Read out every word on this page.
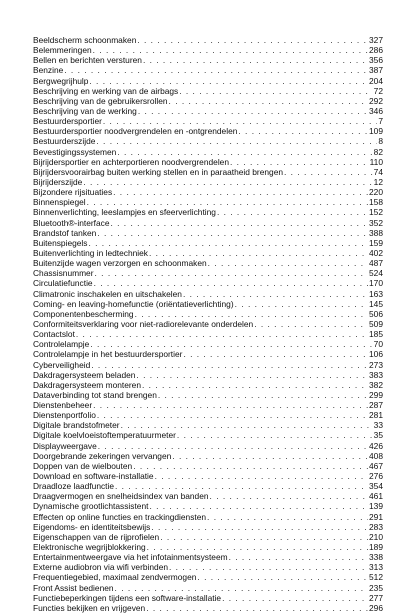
Beeldscherm schoonmaken . . .	327
Belemmeringen . . .	286
Bellen en berichten versturen . . .	356
Benzine . . .	387
Bergwegrijhulp . . .	204
Beschrijving en werking van de airbags . . .	72
Beschrijving van de gebruikersrollen . . .	292
Beschrijving van de werking . . .	346
Bestuurdersportier . . .	7
Bestuurdersportier noodvergrendelen en -ontgrendelen . . .	109
Bestuurderszijde . . .	8
Bevestigingssystemen . . .	82
Bijrijdersportier en achterportieren noodvergrendelen . . .	110
Bijrijdersvoorairbag buiten werking stellen en in paraatheid brengen . . .	74
Bijrijderszijde . . .	12
Bijzondere rijsituaties . . .	220
Binnenspiegel . . .	158
Binnenverlichting, leeslampjes en sfeerverlichting . . .	152
Bluetooth®-interface . . .	352
Brandstof tanken . . .	388
Buitenspiegels . . .	159
Buitenverlichting in ledtechniek . . .	402
Buitenzijde wagen verzorgen en schoonmaken . . .	487
Chassisnummer . . .	524
Circulatiefunctie . . .	170
Climatronic inschakelen en uitschakelen . . .	163
Coming- en leaving-homefunctie (oriëntatieverlichting) . . .	145
Componentenbescherming . . .	506
Conformiteitsverklaring voor niet-radiorelevante onderdelen . . .	509
Contactslot . . .	185
Controlelampje . . .	70
Controlelampje in het bestuurdersportier . . .	106
Cyberveiligheid . . .	273
Dakdragersysteem beladen . . .	383
Dakdragersysteem monteren . . .	382
Dataverbinding tot stand brengen . . .	299
Dienstenbeheer . . .	287
Dienstenportfolio . . .	281
Digitale brandstofmeter . . .	33
Digitale koelvloeistoftemperatuurmeter . . .	35
Displayweergave . . .	426
Doorgebrande zekeringen vervangen . . .	408
Doppen van de wielbouten . . .	467
Download en software-installatie . . .	276
Draadloze laadfunctie . . .	354
Draagvermogen en snelheidsindex van banden . . .	461
Dynamische grootlichtassistent . . .	139
Effecten op online functies en trackingdiensten . . .	291
Eigendoms- en identiteitsbewijs . . .	283
Eigenschappen van de rijprofielen . . .	210
Elektronische wegrijblokkering . . .	189
Entertainmentweergave via het infotainmentsysteem . . .	338
Externe audiobron via wifi verbinden . . .	313
Frequentiegebied, maximaal zendvermogen . . .	512
Front Assist bedienen . . .	235
Functiebeperkingen tijdens een software-installatie . . .	277
Functies bekijken en vrijgeven . . .	296
